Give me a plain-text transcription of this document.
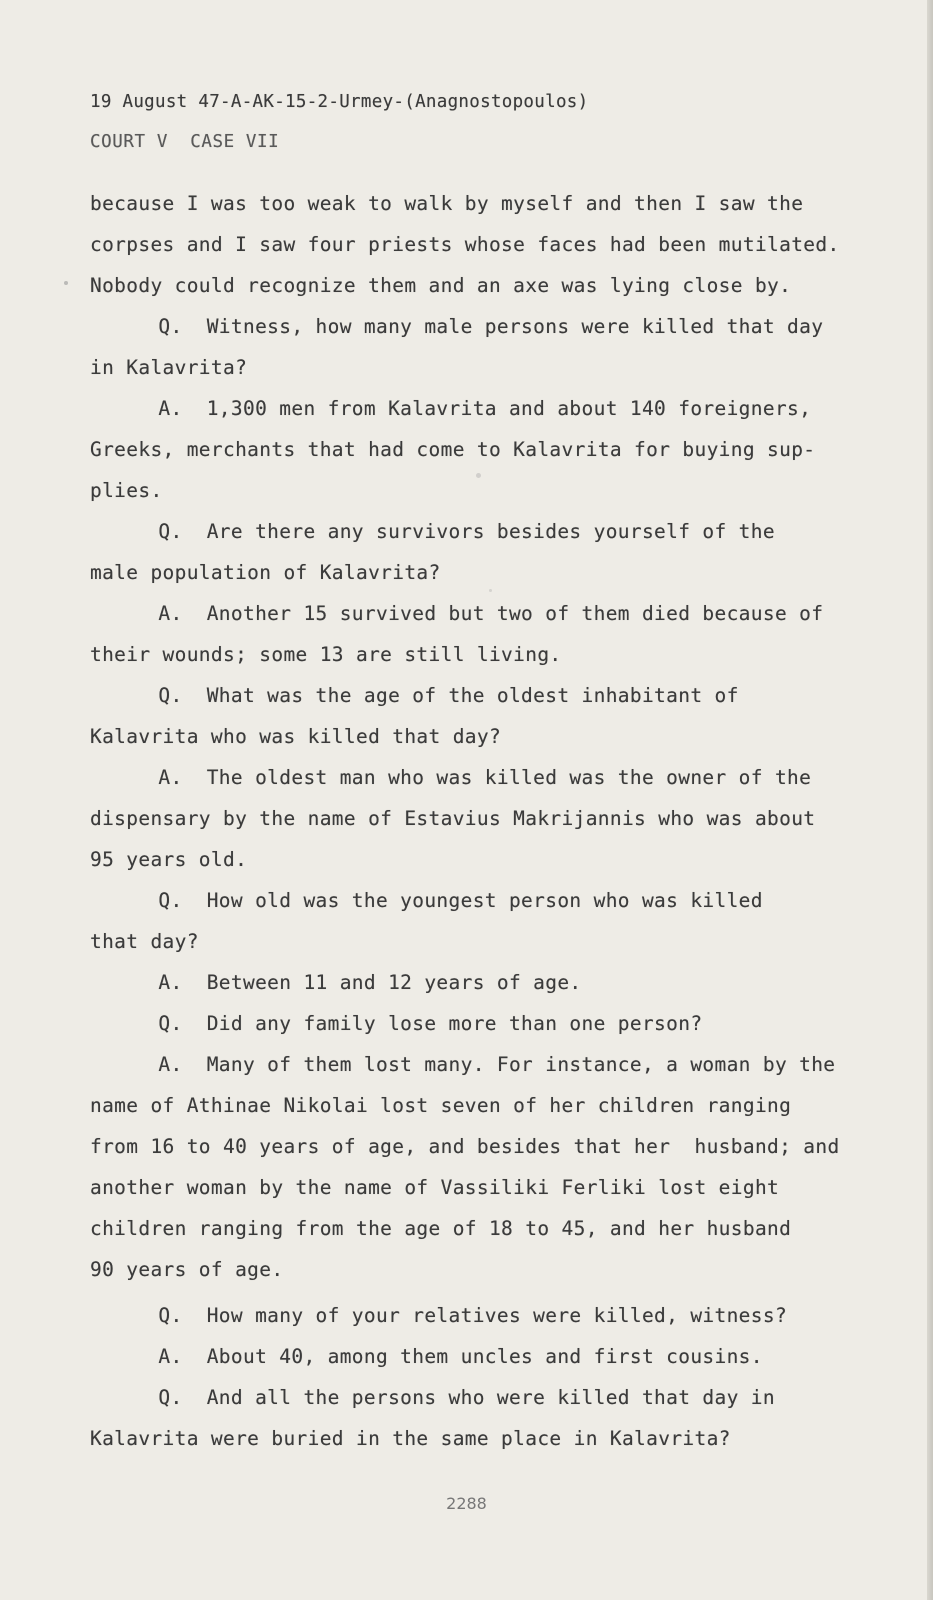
19 August 47-A-AK-15-2-Urmey-(Anagnostopoulos)
COURT V  CASE VII
because I was too weak to walk by myself and then I saw the
corpses and I saw four priests whose faces had been mutilated.
Nobody could recognize them and an axe was lying close by.
Q.  Witness, how many male persons were killed that day
in Kalavrita?
A.  1,300 men from Kalavrita and about 140 foreigners,
Greeks, merchants that had come to Kalavrita for buying sup-
plies.
Q.  Are there any survivors besides yourself of the
male population of Kalavrita?
A.  Another 15 survived but two of them died because of
their wounds; some 13 are still living.
Q.  What was the age of the oldest inhabitant of
Kalavrita who was killed that day?
A.  The oldest man who was killed was the owner of the
dispensary by the name of Estavius Makrijannis who was about
95 years old.
Q.  How old was the youngest person who was killed
that day?
A.  Between 11 and 12 years of age.
Q.  Did any family lose more than one person?
A.  Many of them lost many. For instance, a woman by the
name of Athinae Nikolai lost seven of her children ranging
from 16 to 40 years of age, and besides that her  husband; and
another woman by the name of Vassiliki Ferliki lost eight
children ranging from the age of 18 to 45, and her husband
90 years of age.
Q.  How many of your relatives were killed, witness?
A.  About 40, among them uncles and first cousins.
Q.  And all the persons who were killed that day in
Kalavrita were buried in the same place in Kalavrita?
2288
